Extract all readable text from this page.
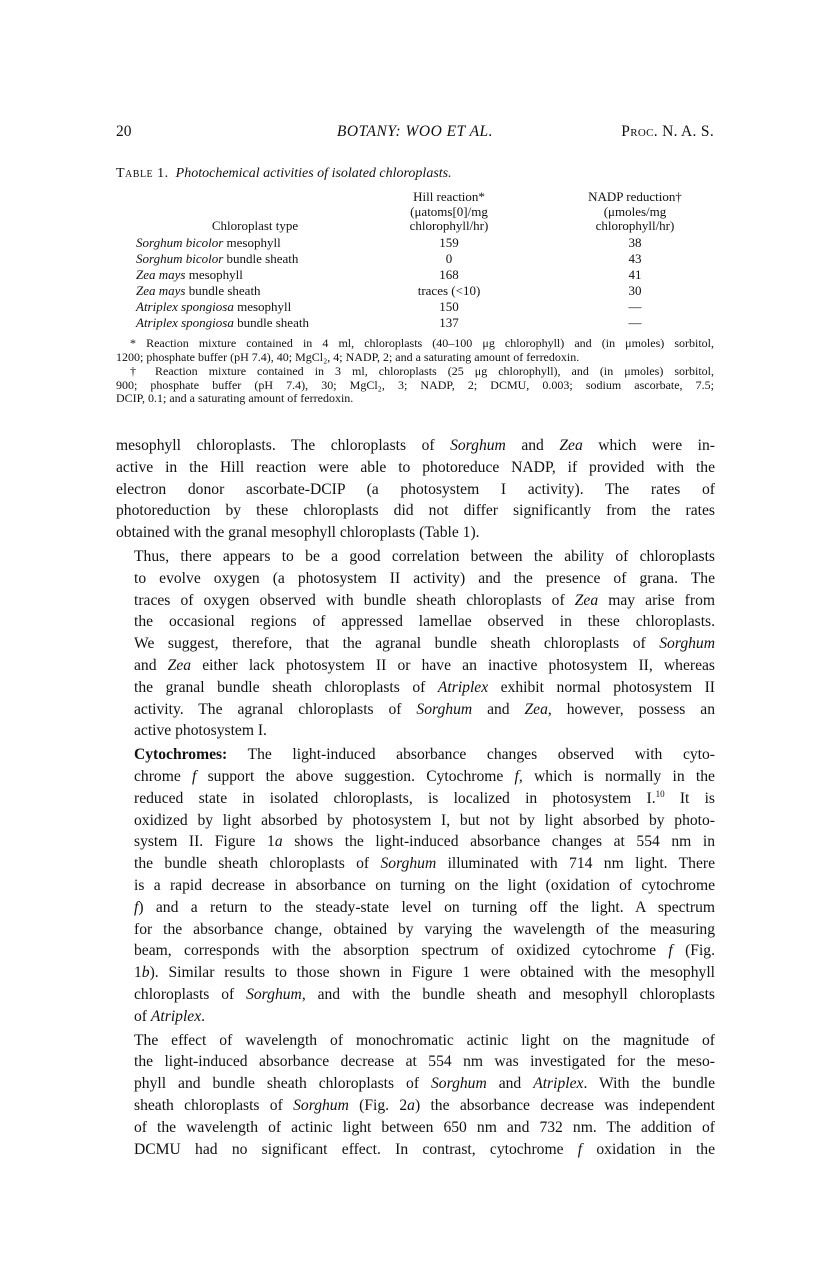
20	BOTANY: WOO ET AL.	Proc. N. A. S.
Table 1. Photochemical activities of isolated chloroplasts.
Chloroplast type
Hill reaction*
(μatoms[0]/mg
chlorophyll/hr)
NADP reduction†
(μmoles/mg
chlorophyll/hr)
Sorghum bicolor mesophyll	159	38
Sorghum bicolor bundle sheath	0	43
Zea mays mesophyll	168	41
Zea mays bundle sheath	traces (<10)	30
Atriplex spongiosa mesophyll	150	—
Atriplex spongiosa bundle sheath	137	—
* Reaction mixture contained in 4 ml, chloroplasts (40–100 μg chlorophyll) and (in μmoles) sorbitol,
1200; phosphate buffer (pH 7.4), 40; MgCl₂, 4; NADP, 2; and a saturating amount of ferredoxin.
† Reaction mixture contained in 3 ml, chloroplasts (25 μg chlorophyll), and (in μmoles) sorbitol,
900; phosphate buffer (pH 7.4), 30; MgCl₂, 3; NADP, 2; DCMU, 0.003; sodium ascorbate, 7.5;
DCIP, 0.1; and a saturating amount of ferredoxin.

mesophyll chloroplasts. The chloroplasts of Sorghum and Zea which were in-
active in the Hill reaction were able to photoreduce NADP, if provided with the
electron donor ascorbate-DCIP (a photosystem I activity). The rates of
photoreduction by these chloroplasts did not differ significantly from the rates
obtained with the granal mesophyll chloroplasts (Table 1).

Thus, there appears to be a good correlation between the ability of chloroplasts
to evolve oxygen (a photosystem II activity) and the presence of grana. The
traces of oxygen observed with bundle sheath chloroplasts of Zea may arise from
the occasional regions of appressed lamellae observed in these chloroplasts.
We suggest, therefore, that the agranal bundle sheath chloroplasts of Sorghum
and Zea either lack photosystem II or have an inactive photosystem II, whereas
the granal bundle sheath chloroplasts of Atriplex exhibit normal photosystem II
activity. The agranal chloroplasts of Sorghum and Zea, however, possess an
active photosystem I.

Cytochromes: The light-induced absorbance changes observed with cyto-
chrome f support the above suggestion. Cytochrome f, which is normally in the
reduced state in isolated chloroplasts, is localized in photosystem I.$^{10}$ It is
oxidized by light absorbed by photosystem I, but not by light absorbed by photo-
system II. Figure 1a shows the light-induced absorbance changes at 554 nm in
the bundle sheath chloroplasts of Sorghum illuminated with 714 nm light. There
is a rapid decrease in absorbance on turning on the light (oxidation of cytochrome
f) and a return to the steady-state level on turning off the light. A spectrum
for the absorbance change, obtained by varying the wavelength of the measuring
beam, corresponds with the absorption spectrum of oxidized cytochrome f (Fig.
1b). Similar results to those shown in Figure 1 were obtained with the mesophyll
chloroplasts of Sorghum, and with the bundle sheath and mesophyll chloroplasts
of Atriplex.

The effect of wavelength of monochromatic actinic light on the magnitude of
the light-induced absorbance decrease at 554 nm was investigated for the meso-
phyll and bundle sheath chloroplasts of Sorghum and Atriplex. With the bundle
sheath chloroplasts of Sorghum (Fig. 2a) the absorbance decrease was independent
of the wavelength of actinic light between 650 nm and 732 nm. The addition of
DCMU had no significant effect. In contrast, cytochrome f oxidation in the
